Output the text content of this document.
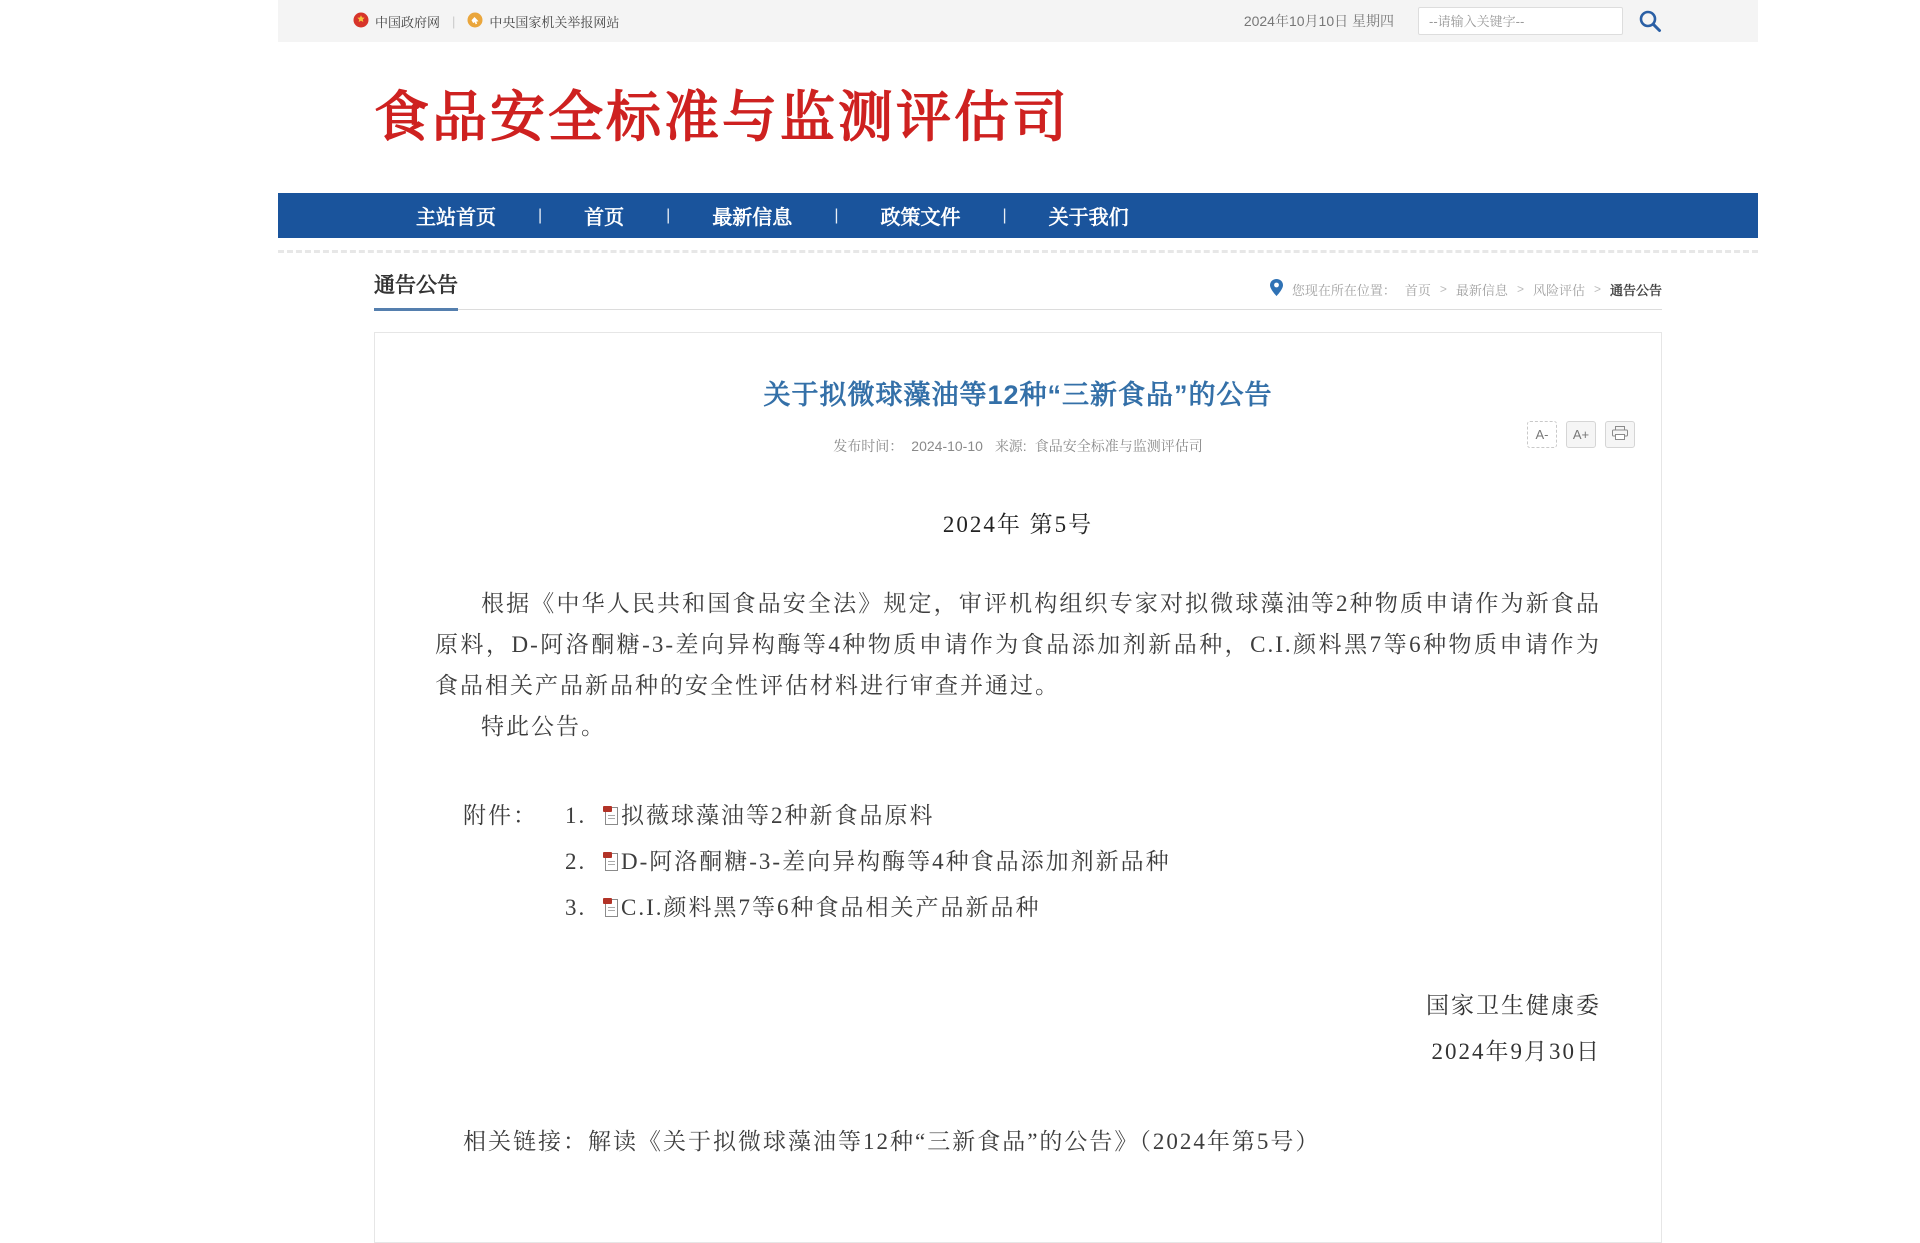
中国政府网 |	中央国家机关举报网站	2024年10月10日 星期四
--请输入关键字--
食品安全标准与监测评估司
主站首页	|	首页	|	最新信息	|	政策文件	|	关于我们
通告公告	您现在所在位置： 首页 > 最新信息 > 风险评估 > 通告公告
关于拟微球藻油等12种“三新食品”的公告
发布时间： 2024-10-10 来源: 食品安全标准与监测评估司
A-	A+
2024年 第5号

根据《中华人民共和国食品安全法》规定，审评机构组织专家对拟微球藻油等2种物质申请作为新食品原料，D-阿洛酮糖-3-差向异构酶等4种物质申请作为食品添加剂新品种，C.I.颜料黑7等6种物质申请作为食品相关产品新品种的安全性评估材料进行审查并通过。

特此公告。

附件：	1.	拟薇球藻油等2种新食品原料
2.	D-阿洛酮糖-3-差向异构酶等4种食品添加剂新品种
3.	C.I.颜料黑7等6种食品相关产品新品种
国家卫生健康委
2024年9月30日
相关链接：解读《关于拟微球藻油等12种“三新食品”的公告》（2024年第5号）
